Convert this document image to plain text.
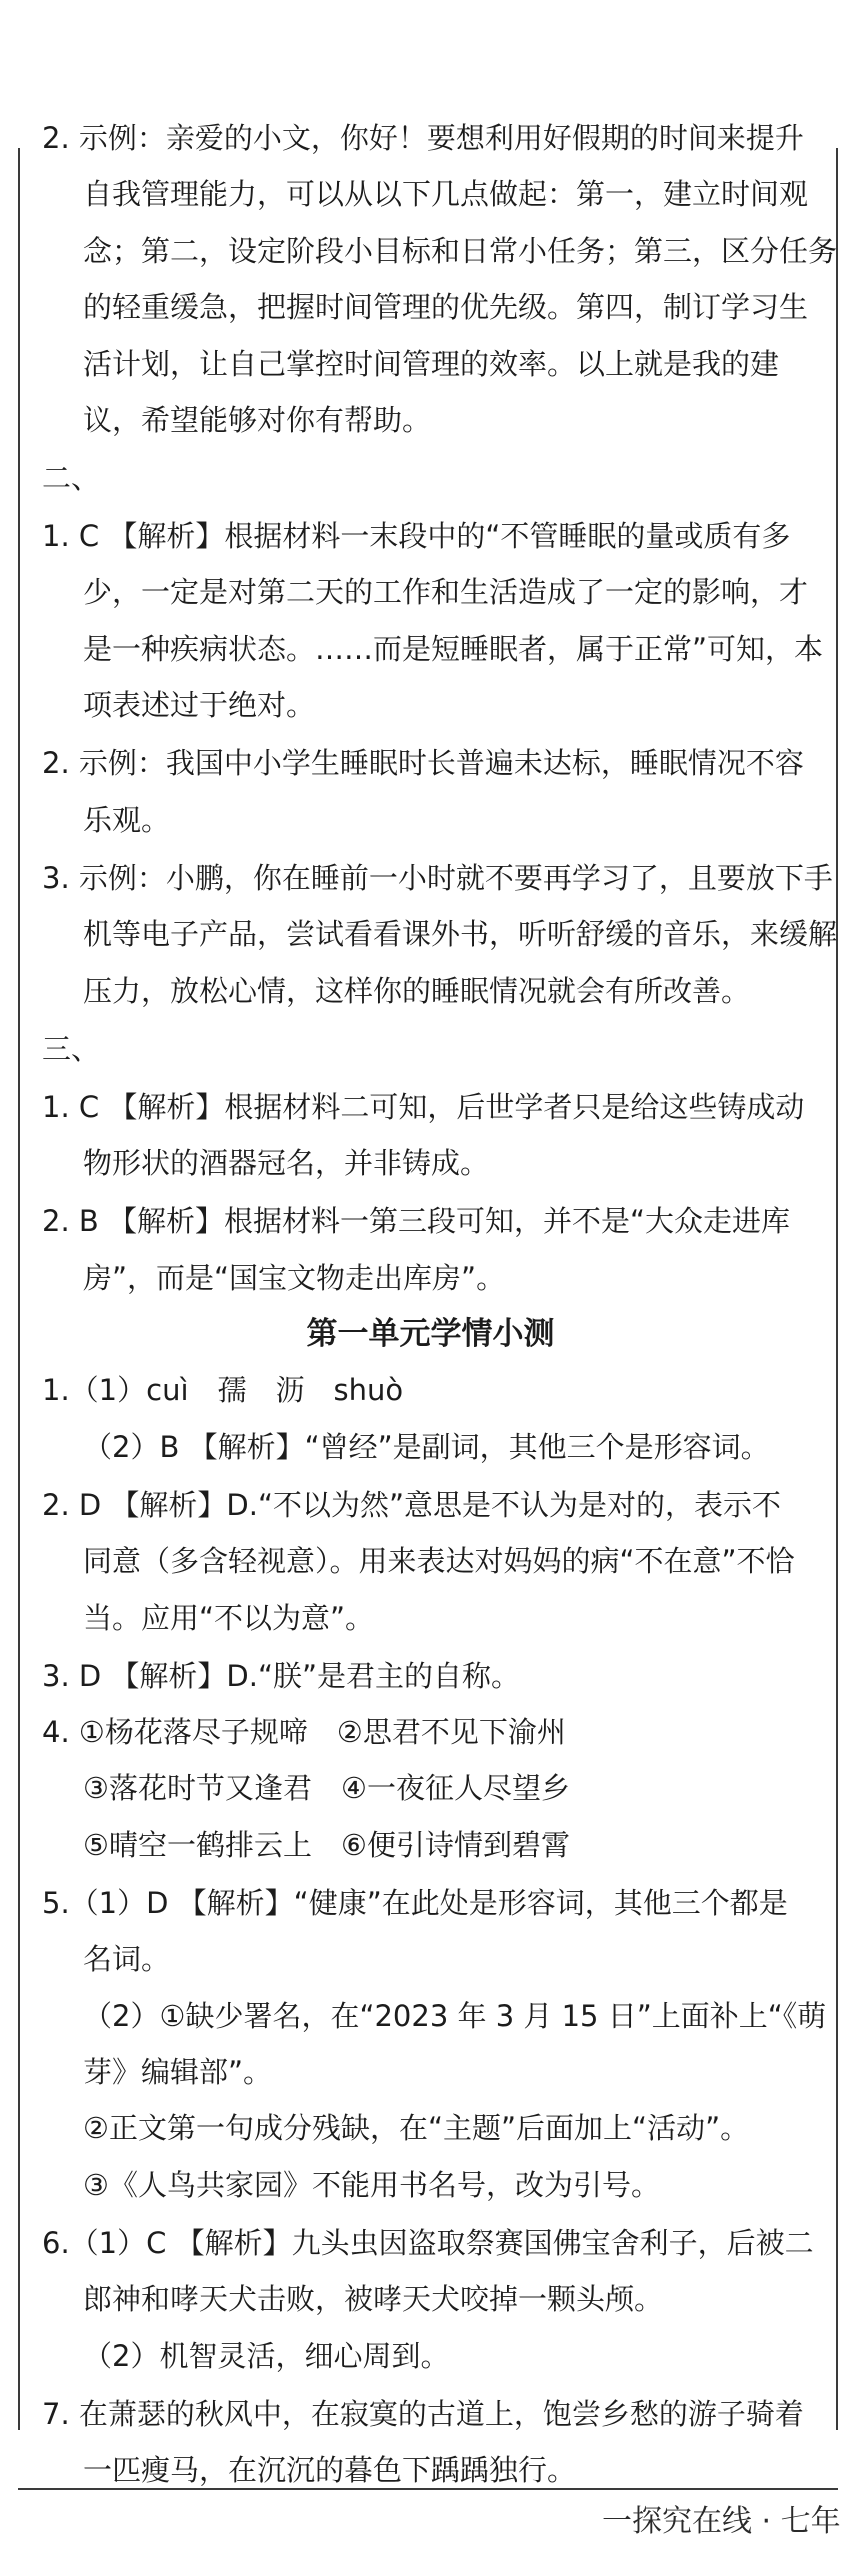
2. 示例：亲爱的小文，你好！要想利用好假期的时间来提升
自我管理能力，可以从以下几点做起：第一，建立时间观
念；第二，设定阶段小目标和日常小任务；第三，区分任务
的轻重缓急，把握时间管理的优先级。第四，制订学习生
活计划，让自己掌控时间管理的效率。以上就是我的建
议，希望能够对你有帮助。
二、
1. C 【解析】根据材料一末段中的“不管睡眠的量或质有多
少，一定是对第二天的工作和生活造成了一定的影响，才
是一种疾病状态。……而是短睡眠者，属于正常”可知，本
项表述过于绝对。
2. 示例：我国中小学生睡眠时长普遍未达标，睡眠情况不容
乐观。
3. 示例：小鹏，你在睡前一小时就不要再学习了，且要放下手
机等电子产品，尝试看看课外书，听听舒缓的音乐，来缓解
压力，放松心情，这样你的睡眠情况就会有所改善。
三、
1. C 【解析】根据材料二可知，后世学者只是给这些铸成动
物形状的酒器冠名，并非铸成。
2. B 【解析】根据材料一第三段可知，并不是“大众走进库
房”，而是“国宝文物走出库房”。
第一单元学情小测
1.（1）cuì　孺　沥　shuò
（2）B 【解析】“曾经”是副词，其他三个是形容词。
2. D 【解析】D.“不以为然”意思是不认为是对的，表示不
同意（多含轻视意）。用来表达对妈妈的病“不在意”不恰
当。应用“不以为意”。
3. D 【解析】D.“朕”是君主的自称。
4. ①杨花落尽子规啼　②思君不见下渝州
③落花时节又逢君　④一夜征人尽望乡
⑤晴空一鹤排云上　⑥便引诗情到碧霄
5.（1）D 【解析】“健康”在此处是形容词，其他三个都是
名词。
（2）①缺少署名，在“2023 年 3 月 15 日”上面补上“《萌
芽》编辑部”。
②正文第一句成分残缺，在“主题”后面加上“活动”。
③《人鸟共家园》不能用书名号，改为引号。
6.（1）C 【解析】九头虫因盗取祭赛国佛宝舍利子，后被二
郎神和哮天犬击败，被哮天犬咬掉一颗头颅。
（2）机智灵活，细心周到。
7. 在萧瑟的秋风中，在寂寞的古道上，饱尝乡愁的游子骑着
一匹瘦马，在沉沉的暮色下踽踽独行。
一探究在线 · 七年
